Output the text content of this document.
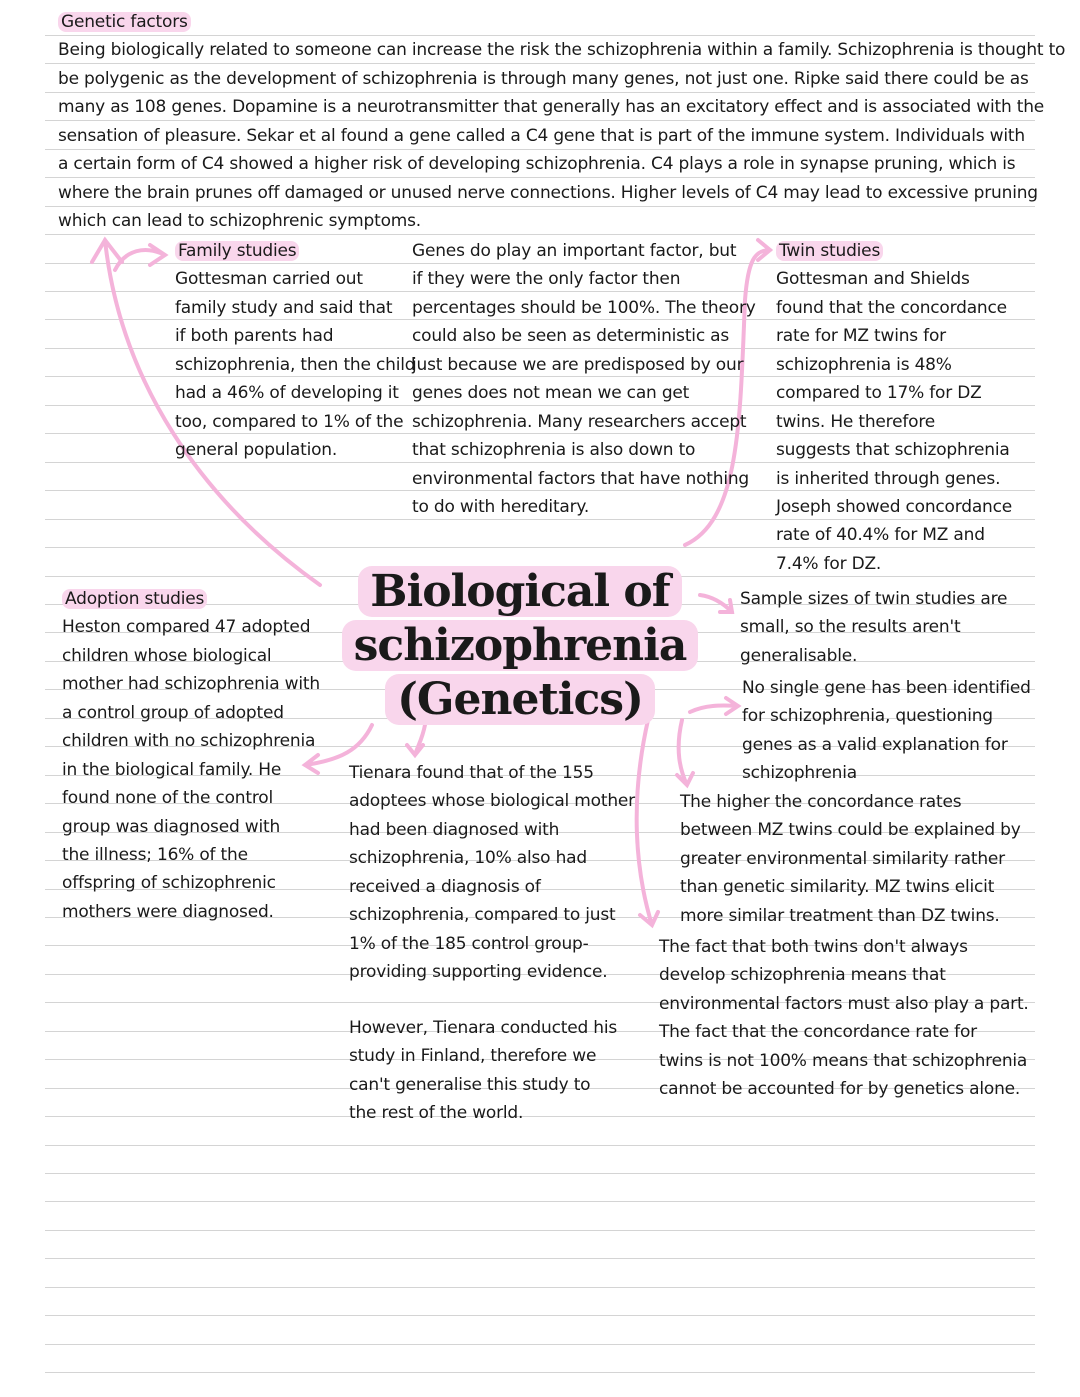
Genetic factors
Being biologically related to someone can increase the risk the schizophrenia within a family. Schizophrenia is thought to
be polygenic as the development of schizophrenia is through many genes, not just one. Ripke said there could be as
many as 108 genes. Dopamine is a neurotransmitter that generally has an excitatory effect and is associated with the
sensation of pleasure. Sekar et al found a gene called a C4 gene that is part of the immune system. Individuals with
a certain form of C4 showed a higher risk of developing schizophrenia. C4 plays a role in synapse pruning, which is
where the brain prunes off damaged or unused nerve connections. Higher levels of C4 may lead to excessive pruning
which can lead to schizophrenic symptoms.
Family studies
Gottesman carried out
family study and said that
if both parents had
schizophrenia, then the child
had a 46% of developing it
too, compared to 1% of the
general population.
Genes do play an important factor, but
if they were the only factor then
percentages should be 100%. The theory
could also be seen as deterministic as
just because we are predisposed by our
genes does not mean we can get
schizophrenia. Many researchers accept
that schizophrenia is also down to
environmental factors that have nothing
to do with hereditary.
Twin studies
Gottesman and Shields
found that the concordance
rate for MZ twins for
schizophrenia is 48%
compared to 17% for DZ
twins. He therefore
suggests that schizophrenia
is inherited through genes.
Joseph showed concordance
rate of 40.4% for MZ and
7.4% for DZ.
Biological of
schizophrenia
(Genetics)
Adoption studies
Heston compared 47 adopted
children whose biological
mother had schizophrenia with
a control group of adopted
children with no schizophrenia
in the biological family. He
found none of the control
group was diagnosed with
the illness; 16% of the
offspring of schizophrenic
mothers were diagnosed.
Sample sizes of twin studies are
small, so the results aren't
generalisable.
No single gene has been identified
for schizophrenia, questioning
genes as a valid explanation for
schizophrenia
Tienara found that of the 155
adoptees whose biological mother
had been diagnosed with
schizophrenia, 10% also had
received a diagnosis of
schizophrenia, compared to just
1% of the 185 control group-
providing supporting evidence.
However, Tienara conducted his
study in Finland, therefore we
can't generalise this study to
the rest of the world.
The higher the concordance rates
between MZ twins could be explained by
greater environmental similarity rather
than genetic similarity. MZ twins elicit
more similar treatment than DZ twins.
The fact that both twins don't always
develop schizophrenia means that
environmental factors must also play a part.
The fact that the concordance rate for
twins is not 100% means that schizophrenia
cannot be accounted for by genetics alone.
